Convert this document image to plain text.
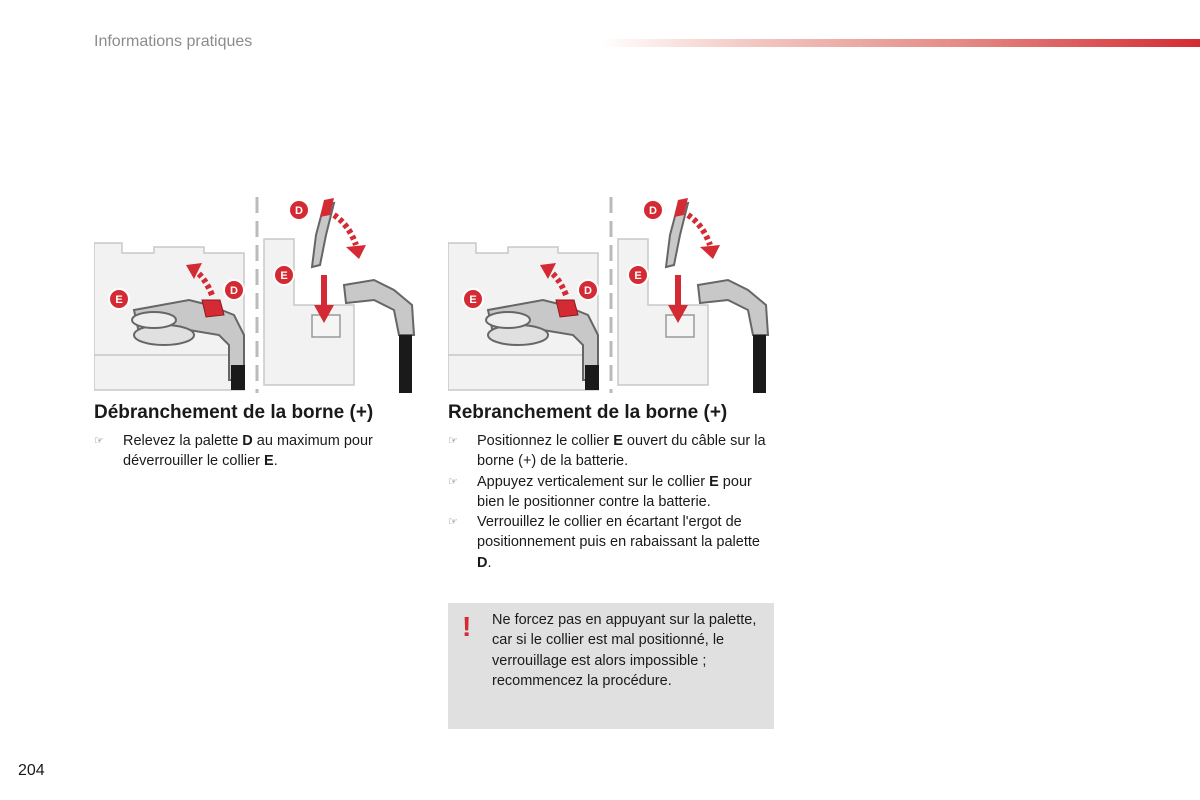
Informations pratiques
E
D
D
E
E
D
D
E
Débranchement de la borne (+)
☞ Relevez la palette D au maximum pour déverrouiller le collier E.
Rebranchement de la borne (+)
☞ Positionnez le collier E ouvert du câble sur la borne (+) de la batterie.
☞ Appuyez verticalement sur le collier E pour bien le positionner contre la batterie.
☞ Verrouillez le collier en écartant l'ergot de positionnement puis en rabaissant la palette D.
! Ne forcez pas en appuyant sur la palette, car si le collier est mal positionné, le verrouillage est alors impossible ; recommencez la procédure.
204
